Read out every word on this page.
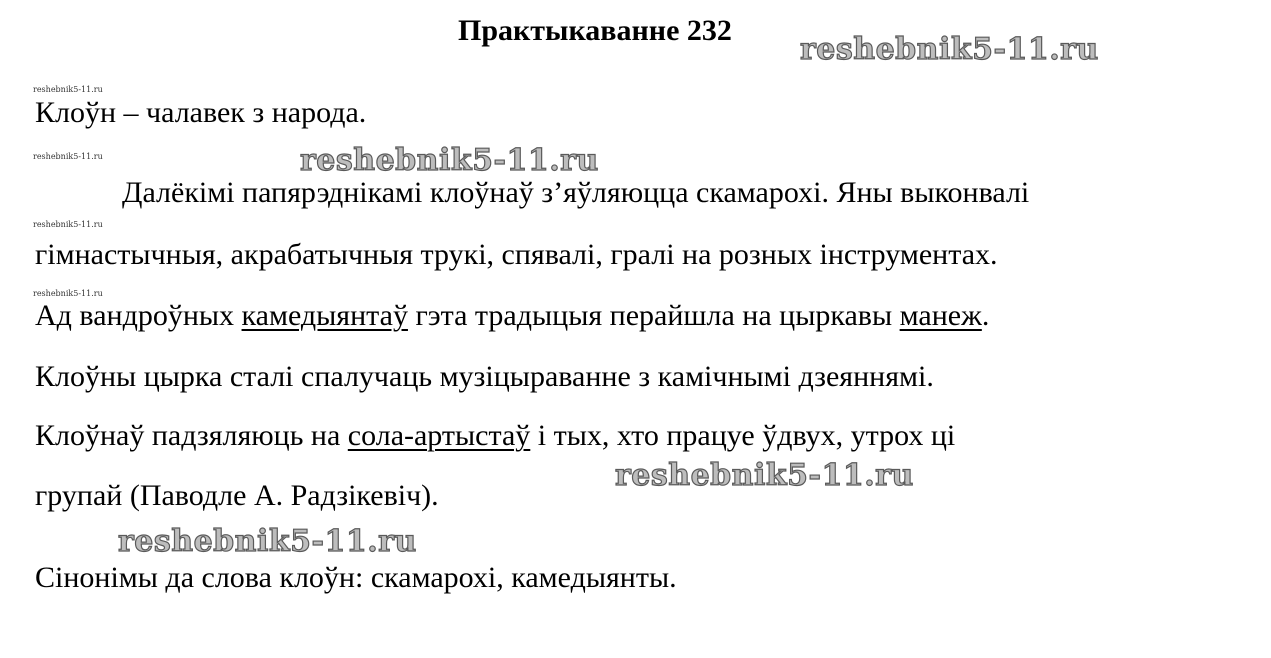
Практыкаванне 232
Клоўн – чалавек з народа.
Далёкімі папярэднікамі клоўнаў з’яўляюцца скамарохі. Яны выконвалі
гімнастычныя, акрабатычныя трукі, спявалі, гралі на розных інструментах.
Ад вандроўных камедыянтаў гэта традыцыя перайшла на цыркавы манеж.
Клоўны цырка сталі спалучаць музіцыраванне з камічнымі дзеяннямі.
Клоўнаў падзяляюць на сола-артыстаў і тых, хто працуе ўдвух, утрох ці
групай (Паводле А. Радзікевіч).
Сінонімы да слова клоўн: скамарохі, камедыянты.
reshebnik5-11.ru
reshebnik5-11.ru
reshebnik5-11.ru
reshebnik5-11.ru
reshebnik5-11.ru
reshebnik5-11.ru
reshebnik5-11.ru
reshebnik5-11.ru
